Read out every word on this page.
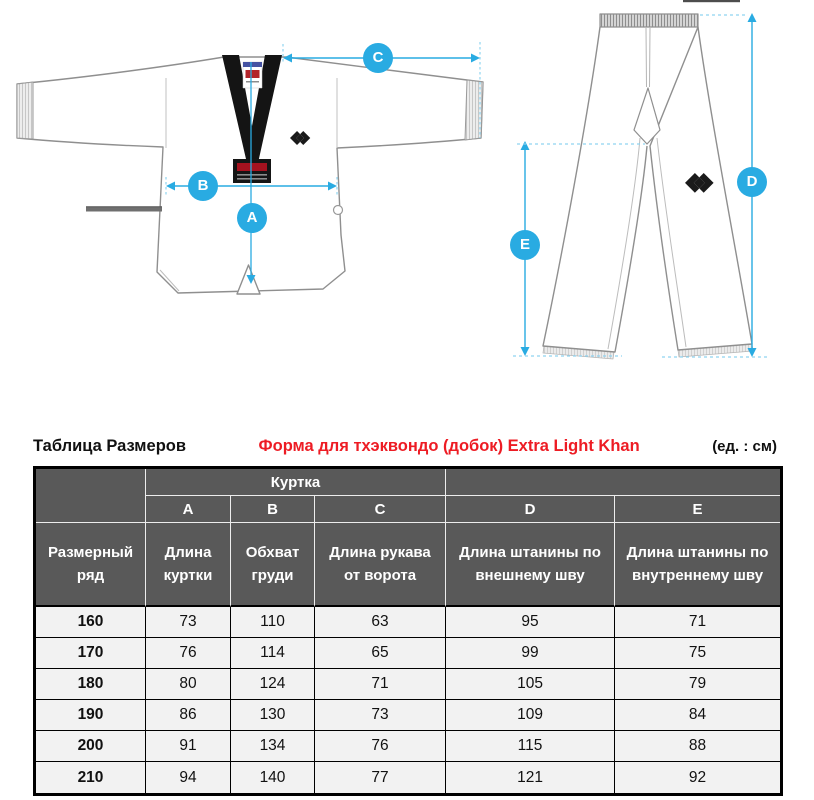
A
B
C
D
E
Таблица Размеров	Форма для тхэквондо (добок) Extra Light Khan	(ед. : см)
	Куртка				
	A	B	C	D	E
Размерный ряд	Длина куртки	Обхват груди	Длина рукава от ворота	Длина штанины по внешнему шву	Длина штанины по внутреннему шву
160	73	110	63	95	71
170	76	114	65	99	75
180	80	124	71	105	79
190	86	130	73	109	84
200	91	134	76	115	88
210	94	140	77	121	92
